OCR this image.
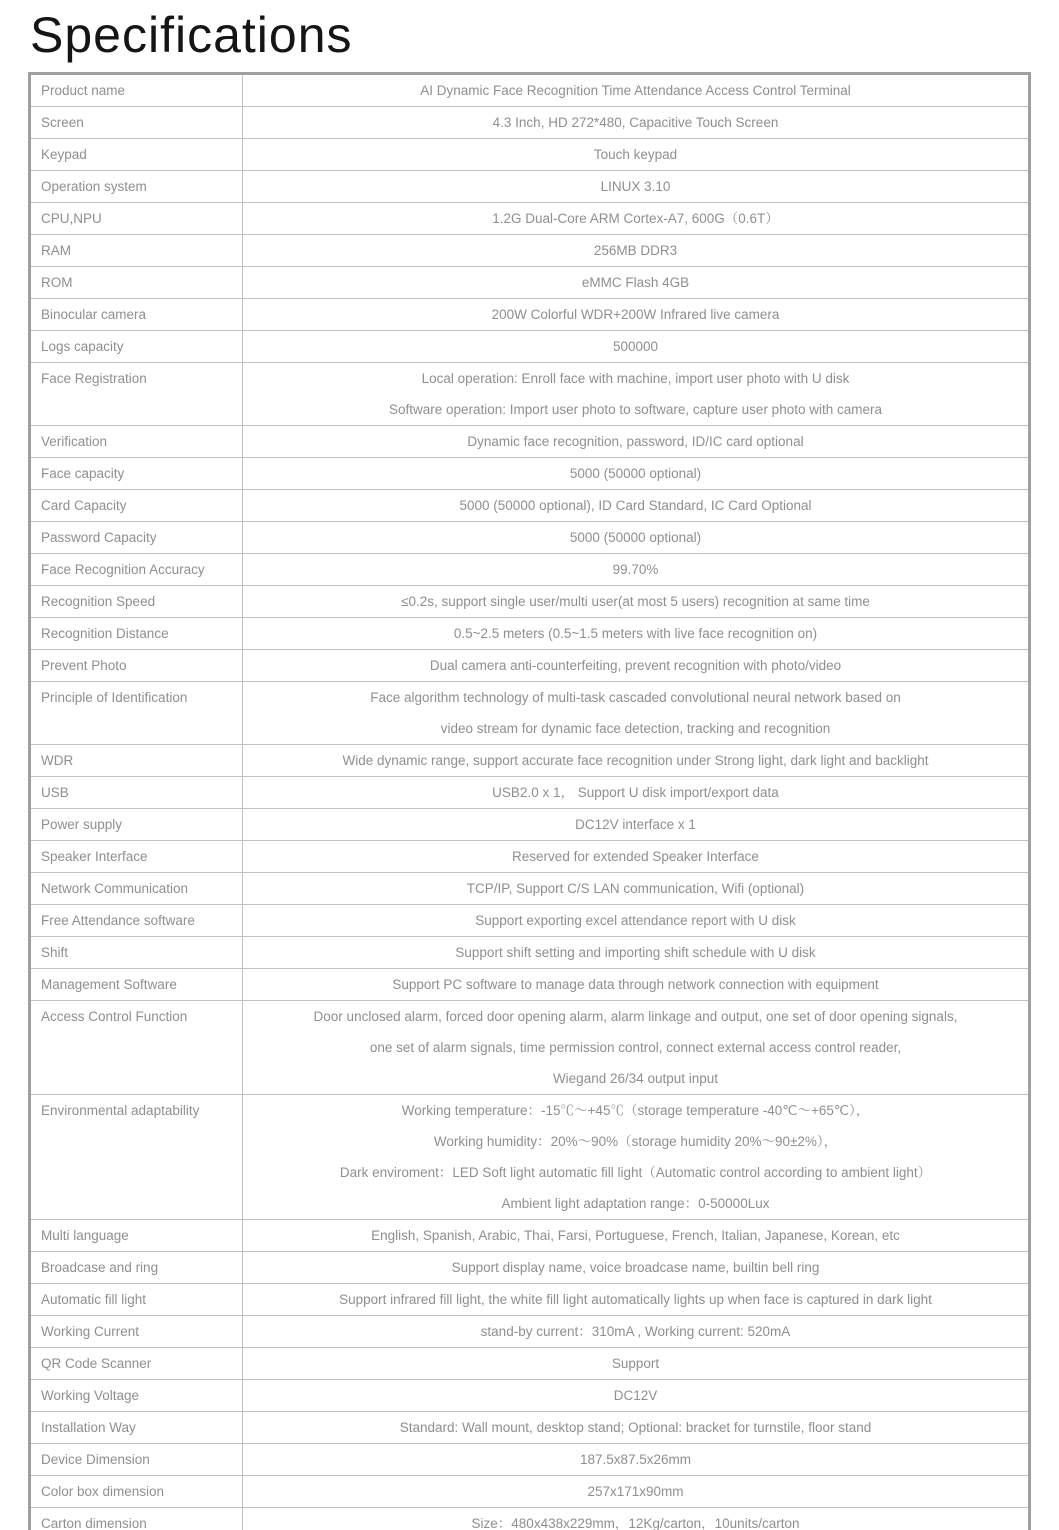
Specifications
Product name	AI Dynamic Face Recognition Time Attendance Access Control Terminal

Screen	4.3 Inch, HD 272*480, Capacitive Touch Screen

Keypad	Touch keypad

Operation system	LINUX 3.10

CPU,NPU	1.2G Dual-Core ARM Cortex-A7, 600G（0.6T）

RAM	256MB DDR3

ROM	eMMC Flash 4GB

Binocular camera	200W Colorful WDR+200W Infrared live camera

Logs capacity	500000

Face Registration	Local operation: Enroll face with machine, import user photo with U disk
Software operation: Import user photo to software, capture user photo with camera

Verification	Dynamic face recognition, password, ID/IC card optional

Face capacity	5000 (50000 optional)

Card Capacity	5000 (50000 optional), ID Card Standard, IC Card Optional

Password Capacity	5000 (50000 optional)

Face Recognition Accuracy	99.70%

Recognition Speed	≤0.2s, support single user/multi user(at most 5 users) recognition at same time

Recognition Distance	0.5~2.5 meters (0.5~1.5 meters with live face recognition on)

Prevent Photo	Dual camera anti-counterfeiting, prevent recognition with photo/video

Principle of Identification	Face algorithm technology of multi-task cascaded convolutional neural network based on
video stream for dynamic face detection, tracking and recognition

WDR	Wide dynamic range, support accurate face recognition under Strong light, dark light and backlight

USB	USB2.0 x 1， Support U disk import/export data

Power supply	DC12V interface x 1

Speaker Interface	Reserved for extended Speaker Interface

Network Communication	TCP/IP, Support C/S LAN communication, Wifi (optional)

Free Attendance software	Support exporting excel attendance report with U disk

Shift	Support shift setting and importing shift schedule with U disk

Management Software	Support PC software to manage data through network connection with equipment

Access Control Function	Door unclosed alarm, forced door opening alarm, alarm linkage and output, one set of door opening signals,
one set of alarm signals, time permission control, connect external access control reader,
Wiegand 26/34 output input

Environmental adaptability	Working temperature：-15℃～+45℃（storage temperature -40℃～+65℃），
Working humidity：20%～90%（storage humidity 20%～90±2%），
Dark enviroment：LED Soft light automatic fill light（Automatic control according to ambient light）
Ambient light adaptation range：0-50000Lux

Multi language	English, Spanish, Arabic, Thai, Farsi, Portuguese, French, Italian, Japanese, Korean, etc

Broadcase and ring	Support display name, voice broadcase name, builtin bell ring

Automatic fill light	Support infrared fill light, the white fill light automatically lights up when face is captured in dark light

Working Current	stand-by current：310mA , Working current: 520mA

QR Code Scanner	Support

Working Voltage	DC12V

Installation Way	Standard: Wall mount, desktop stand; Optional: bracket for turnstile, floor stand

Device Dimension	187.5x87.5x26mm

Color box dimension	257x171x90mm

Carton dimension	Size：480x438x229mm，12Kg/carton，10units/carton
